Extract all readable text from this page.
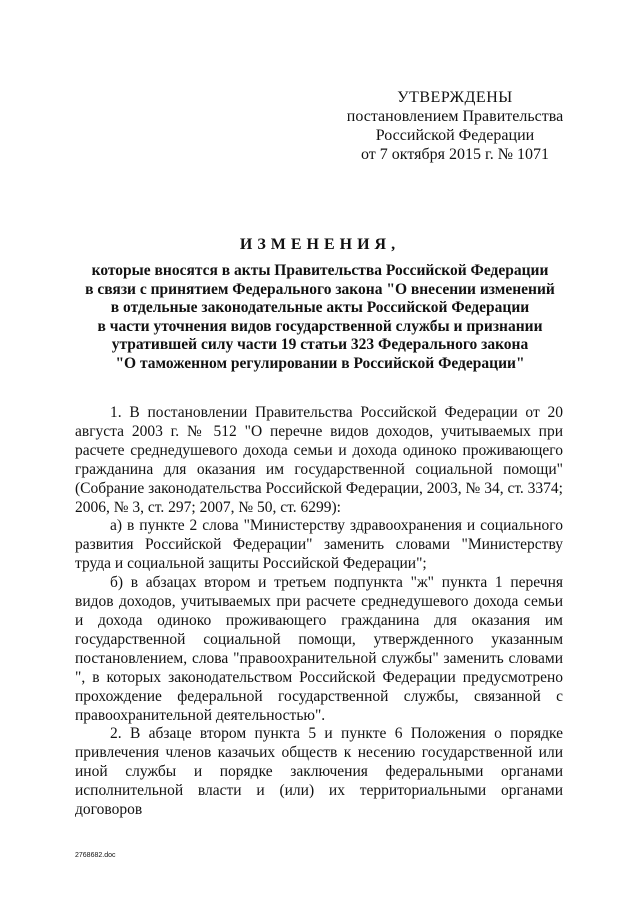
УТВЕРЖДЕНЫ
постановлением Правительства
Российской Федерации
от 7 октября 2015 г. № 1071
ИЗМЕНЕНИЯ,
которые вносятся в акты Правительства Российской Федерации
в связи с принятием Федерального закона "О внесении изменений
в отдельные законодательные акты Российской Федерации
в части уточнения видов государственной службы и признании
утратившей силу части 19 статьи 323 Федерального закона
"О таможенном регулировании в Российской Федерации"

1. В постановлении Правительства Российской Федерации от 20 августа 2003 г. № 512 "О перечне видов доходов, учитываемых при расчете среднедушевого дохода семьи и дохода одиноко проживающего гражданина для оказания им государственной социальной помощи" (Собрание законодательства Российской Федерации, 2003, № 34, ст. 3374; 2006, № 3, ст. 297; 2007, № 50, ст. 6299):

а) в пункте 2 слова "Министерству здравоохранения и социального развития Российской Федерации" заменить словами "Министерству труда и социальной защиты Российской Федерации";

б) в абзацах втором и третьем подпункта "ж" пункта 1 перечня видов доходов, учитываемых при расчете среднедушевого дохода семьи и дохода одиноко проживающего гражданина для оказания им государственной социальной помощи, утвержденного указанным постановлением, слова "правоохранительной службы" заменить словами ", в которых законодательством Российской Федерации предусмотрено прохождение федеральной государственной службы, связанной с правоохранительной деятельностью".

2. В абзаце втором пункта 5 и пункте 6 Положения о порядке привлечения членов казачьих обществ к несению государственной или иной службы и порядке заключения федеральными органами исполнительной власти и (или) их территориальными органами договоров

2768682.doc
